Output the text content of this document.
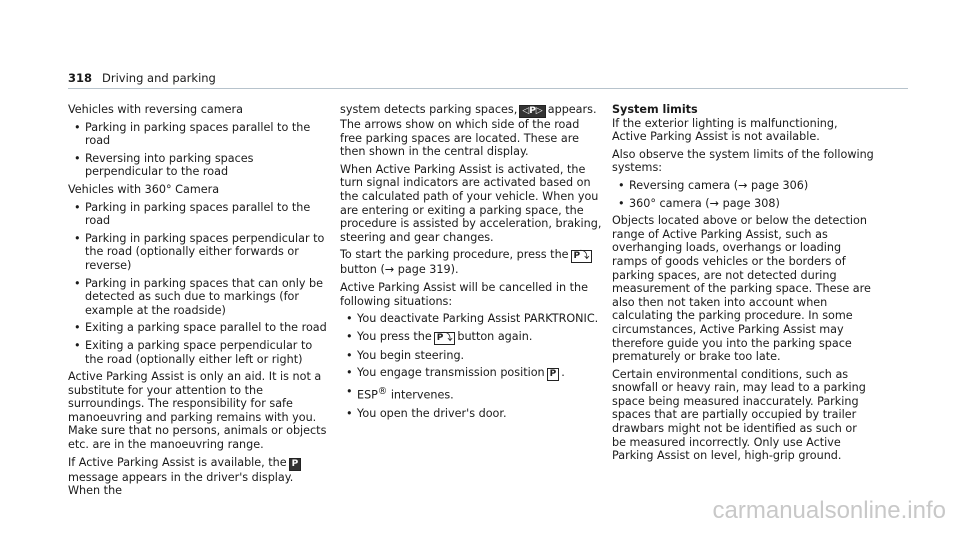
318 Driving and parking

Vehicles with reversing camera

• Parking in parking spaces parallel to the road
• Reversing into parking spaces perpendicular to the road

Vehicles with 360° Camera

• Parking in parking spaces parallel to the road
• Parking in parking spaces perpendicular to the road (optionally either forwards or reverse)
• Parking in parking spaces that can only be detected as such due to markings (for example at the roadside)
• Exiting a parking space parallel to the road
• Exiting a parking space perpendicular to the road (optionally either left or right)

Active Parking Assist is only an aid. It is not a substitute for your attention to the surroundings. The responsibility for safe manoeuvring and parking remains with you. Make sure that no persons, animals or objects etc. are in the manoeuvring range.

If Active Parking Assist is available, the Pmessage appears in the driver's display. When the

system detects parking spaces, ◁P▷ appears. The arrows show on which side of the road free parking spaces are located. These are then shown in the central display.

When Active Parking Assist is activated, the turn signal indicators are activated based on the calculated path of your vehicle. When you are entering or exiting a parking space, the procedure is assisted by acceleration, braking, steering and gear changes.

To start the parking procedure, press the P⤵button (→ page 319).

Active Parking Assist will be cancelled in the following situations:

• You deactivate Parking Assist PARKTRONIC.
• You press the P⤵ button again.
• You begin steering.
• You engage transmission position P .
• ESP® intervenes.
• You open the driver's door.

System limits

If the exterior lighting is malfunctioning, Active Parking Assist is not available.

Also observe the system limits of the following systems:

• Reversing camera (→ page 306)
• 360° camera (→ page 308)

Objects located above or below the detection range of Active Parking Assist, such as overhanging loads, overhangs or loading ramps of goods vehicles or the borders of parking spaces, are not detected during measurement of the parking space. These are also then not taken into account when calculating the parking procedure. In some circumstances, Active Parking Assist may therefore guide you into the parking space prematurely or brake too late.

Certain environmental conditions, such as snowfall or heavy rain, may lead to a parking space being measured inaccurately. Parking spaces that are partially occupied by trailer drawbars might not be identified as such or be measured incorrectly. Only use Active Parking Assist on level, high-grip ground.

carmanualsonline.info
